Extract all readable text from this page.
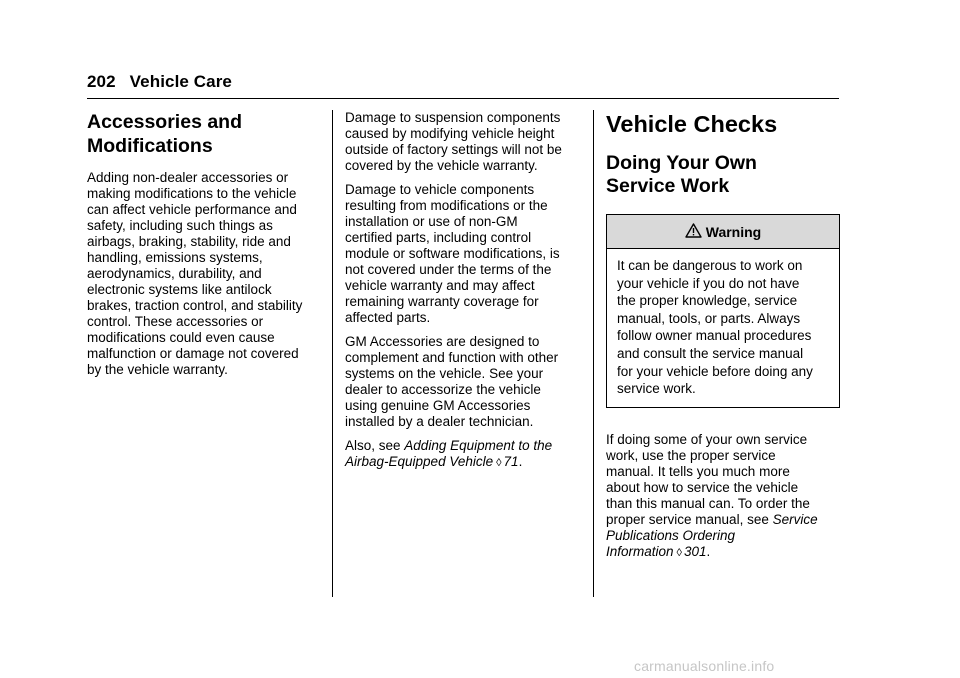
202 Vehicle Care
Accessories and
Modifications

Adding non-dealer accessories or
making modifications to the vehicle
can affect vehicle performance and
safety, including such things as
airbags, braking, stability, ride and
handling, emissions systems,
aerodynamics, durability, and
electronic systems like antilock
brakes, traction control, and stability
control. These accessories or
modifications could even cause
malfunction or damage not covered
by the vehicle warranty.

Damage to suspension components
caused by modifying vehicle height
outside of factory settings will not be
covered by the vehicle warranty.

Damage to vehicle components
resulting from modifications or the
installation or use of non-GM
certified parts, including control
module or software modifications, is
not covered under the terms of the
vehicle warranty and may affect
remaining warranty coverage for
affected parts.

GM Accessories are designed to
complement and function with other
systems on the vehicle. See your
dealer to accessorize the vehicle
using genuine GM Accessories
installed by a dealer technician.

Also, see Adding Equipment to the
Airbag-Equipped Vehicle ◊ 71.

Vehicle Checks
Doing Your Own
Service Work
Warning
It can be dangerous to work on
your vehicle if you do not have
the proper knowledge, service
manual, tools, or parts. Always
follow owner manual procedures
and consult the service manual
for your vehicle before doing any
service work.

If doing some of your own service
work, use the proper service
manual. It tells you much more
about how to service the vehicle
than this manual can. To order the
proper service manual, see Service
Publications Ordering
Information ◊ 301.

carmanualsonline.info
